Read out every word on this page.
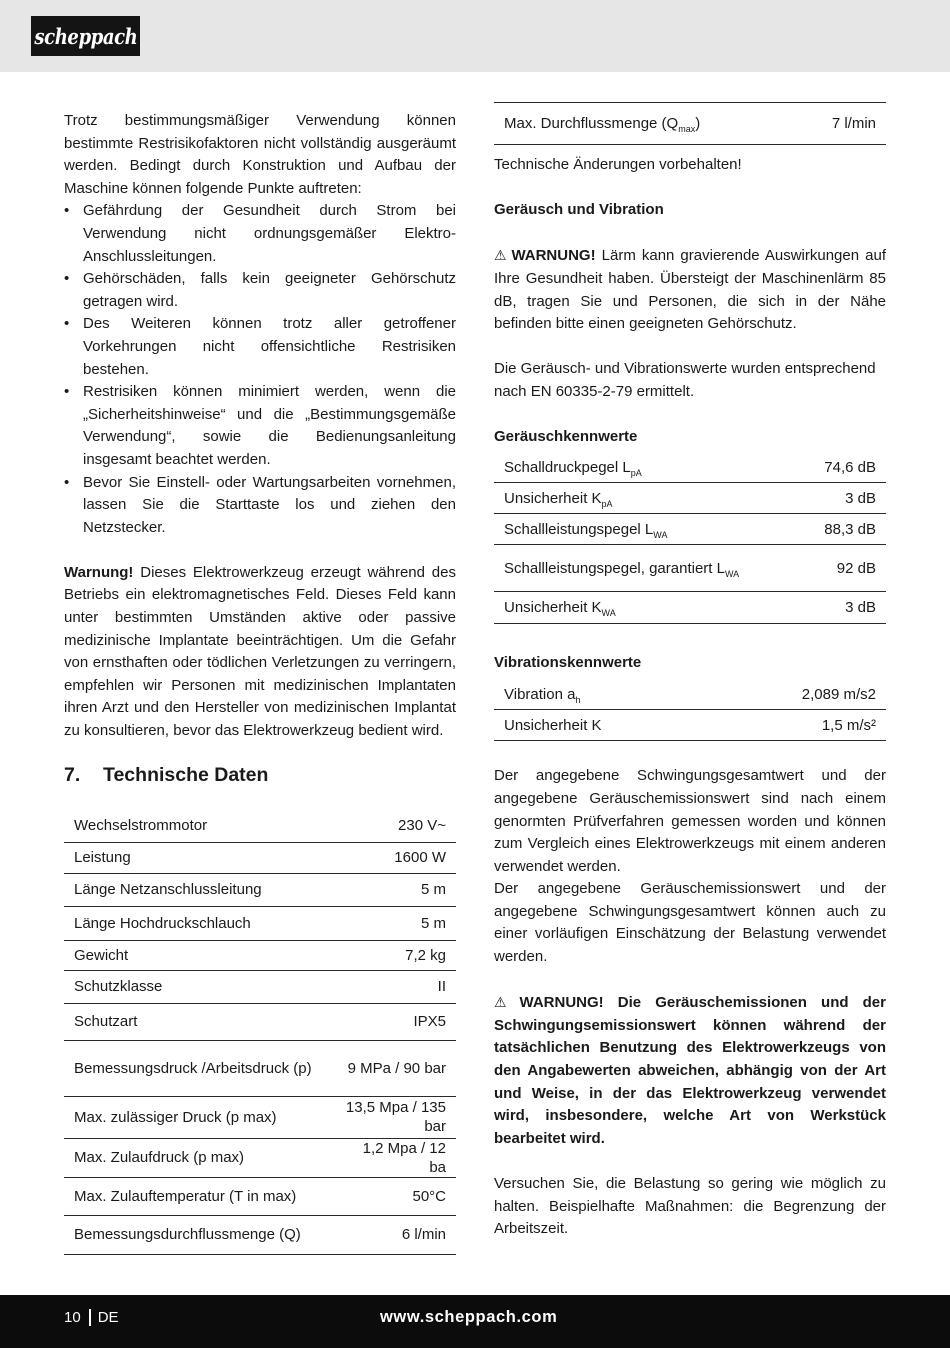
scheppach

Trotz bestimmungsmäßiger Verwendung können bestimmte Restrisikofaktoren nicht vollständig ausgeräumt werden. Bedingt durch Konstruktion und Aufbau der Maschine können folgende Punkte auftreten:

• Gefährdung der Gesundheit durch Strom bei Verwendung nicht ordnungsgemäßer Elektro-Anschlussleitungen.
• Gehörschäden, falls kein geeigneter Gehörschutz getragen wird.
• Des Weiteren können trotz aller getroffener Vorkehrungen nicht offensichtliche Restrisiken bestehen.
• Restrisiken können minimiert werden, wenn die „Sicherheitshinweise“ und die „Bestimmungsgemäße Verwendung“, sowie die Bedienungsanleitung insgesamt beachtet werden.
• Bevor Sie Einstell- oder Wartungsarbeiten vornehmen, lassen Sie die Starttaste los und ziehen den Netzstecker.

Warnung! Dieses Elektrowerkzeug erzeugt während des Betriebs ein elektromagnetisches Feld. Dieses Feld kann unter bestimmten Umständen aktive oder passive medizinische Implantate beeinträchtigen. Um die Gefahr von ernsthaften oder tödlichen Verletzungen zu verringern, empfehlen wir Personen mit medizinischen Implantaten ihren Arzt und den Hersteller von medizinischen Implantat zu konsultieren, bevor das Elektrowerkzeug bedient wird.

7.	Technische Daten
Wechselstrommotor	230 V~
Leistung	1600 W
Länge Netzanschlussleitung	5 m
Länge Hochdruckschlauch	5 m
Gewicht	7,2 kg
Schutzklasse	II
Schutzart	IPX5
Bemessungsdruck /Arbeitsdruck (p)	9 MPa / 90 bar
Max. zulässiger Druck (p max)	13,5 Mpa / 135 bar
Max. Zulaufdruck (p max)	1,2 Mpa / 12 ba
Max. Zulauftemperatur (T in max)	50°C
Bemessungsdurchflussmenge (Q)	6 l/min
Max. Durchflussmenge $(Q_{max})$	7 l/min

Technische Änderungen vorbehalten!

Geräusch und Vibration

⚠ WARNUNG! Lärm kann gravierende Auswirkungen auf Ihre Gesundheit haben. Übersteigt der Maschinenlärm 85 dB, tragen Sie und Personen, die sich in der Nähe befinden bitte einen geeigneten Gehörschutz.

Die Geräusch- und Vibrationswerte wurden entsprechend nach EN 60335-2-79 ermittelt.

Geräuschkennwerte

Schalldruckpegel $L_{pA}$	74,6 dB
Unsicherheit $K_{pA}$	3 dB
Schallleistungspegel $L_{WA}$	88,3 dB
Schallleistungspegel, garantiert $L_{WA}$	92 dB
Unsicherheit $K_{WA}$	3 dB

Vibrationskennwerte

Vibration $a_h$	2,089 m/s2
Unsicherheit K	1,5 m/s²

Der angegebene Schwingungsgesamtwert und der angegebene Geräuschemissionswert sind nach einem genormten Prüfverfahren gemessen worden und können zum Vergleich eines Elektrowerkzeugs mit einem anderen verwendet werden.

Der angegebene Geräuschemissionswert und der angegebene Schwingungsgesamtwert können auch zu einer vorläufigen Einschätzung der Belastung verwendet werden.

⚠ WARNUNG! Die Geräuschemissionen und der Schwingungsemissionswert können während der tatsächlichen Benutzung des Elektrowerkzeugs von den Angabewerten abweichen, abhängig von der Art und Weise, in der das Elektrowerkzeug verwendet wird, insbesondere, welche Art von Werkstück bearbeitet wird.

Versuchen Sie, die Belastung so gering wie möglich zu halten. Beispielhafte Maßnahmen: die Begrenzung der Arbeitszeit.

10 DE	www.scheppach.com
